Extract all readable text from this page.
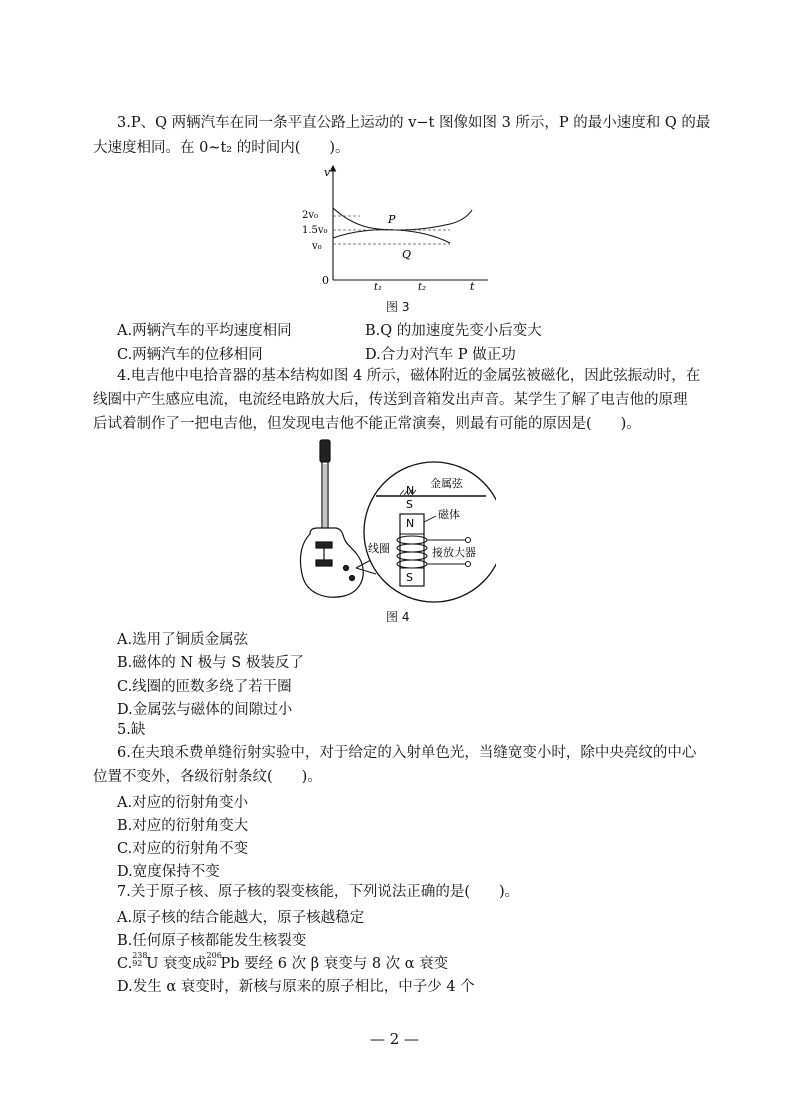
3.P、Q 两辆汽车在同一条平直公路上运动的 v−t 图像如图 3 所示，P 的最小速度和 Q 的最
大速度相同。在 0~t₂ 的时间内(　　)。
v
2v₀
1.5v₀
v₀
0
P
Q
t₁	t₂	t
图 3
A.两辆汽车的平均速度相同	B.Q 的加速度先变小后变大
C.两辆汽车的位移相同	D.合力对汽车 P 做正功
4.电吉他中电拾音器的基本结构如图 4 所示，磁体附近的金属弦被磁化，因此弦振动时，在
线圈中产生感应电流，电流经电路放大后，传送到音箱发出声音。某学生了解了电吉他的原理
后试着制作了一把电吉他，但发现电吉他不能正常演奏，则最有可能的原因是(　　)。
N
S
N
S
金属弦
磁体
线圈	接放大器
图 4
A.选用了铜质金属弦
B.磁体的 N 极与 S 极装反了
C.线圈的匝数多绕了若干圈
D.金属弦与磁体的间隙过小
5.缺
6.在夫琅禾费单缝衍射实验中，对于给定的入射单色光，当缝宽变小时，除中央亮纹的中心
位置不变外，各级衍射条纹(　　)。
A.对应的衍射角变小
B.对应的衍射角变大
C.对应的衍射角不变
D.宽度保持不变
7.关于原子核、原子核的裂变核能，下列说法正确的是(　　)。
A.原子核的结合能越大，原子核越稳定
B.任何原子核都能发生核裂变
C.
238
92 U 衰变成
206
82 Pb 要经 6 次 β 衰变与 8 次 α 衰变
D.发生 α 衰变时，新核与原来的原子相比，中子少 4 个
— 2 —
